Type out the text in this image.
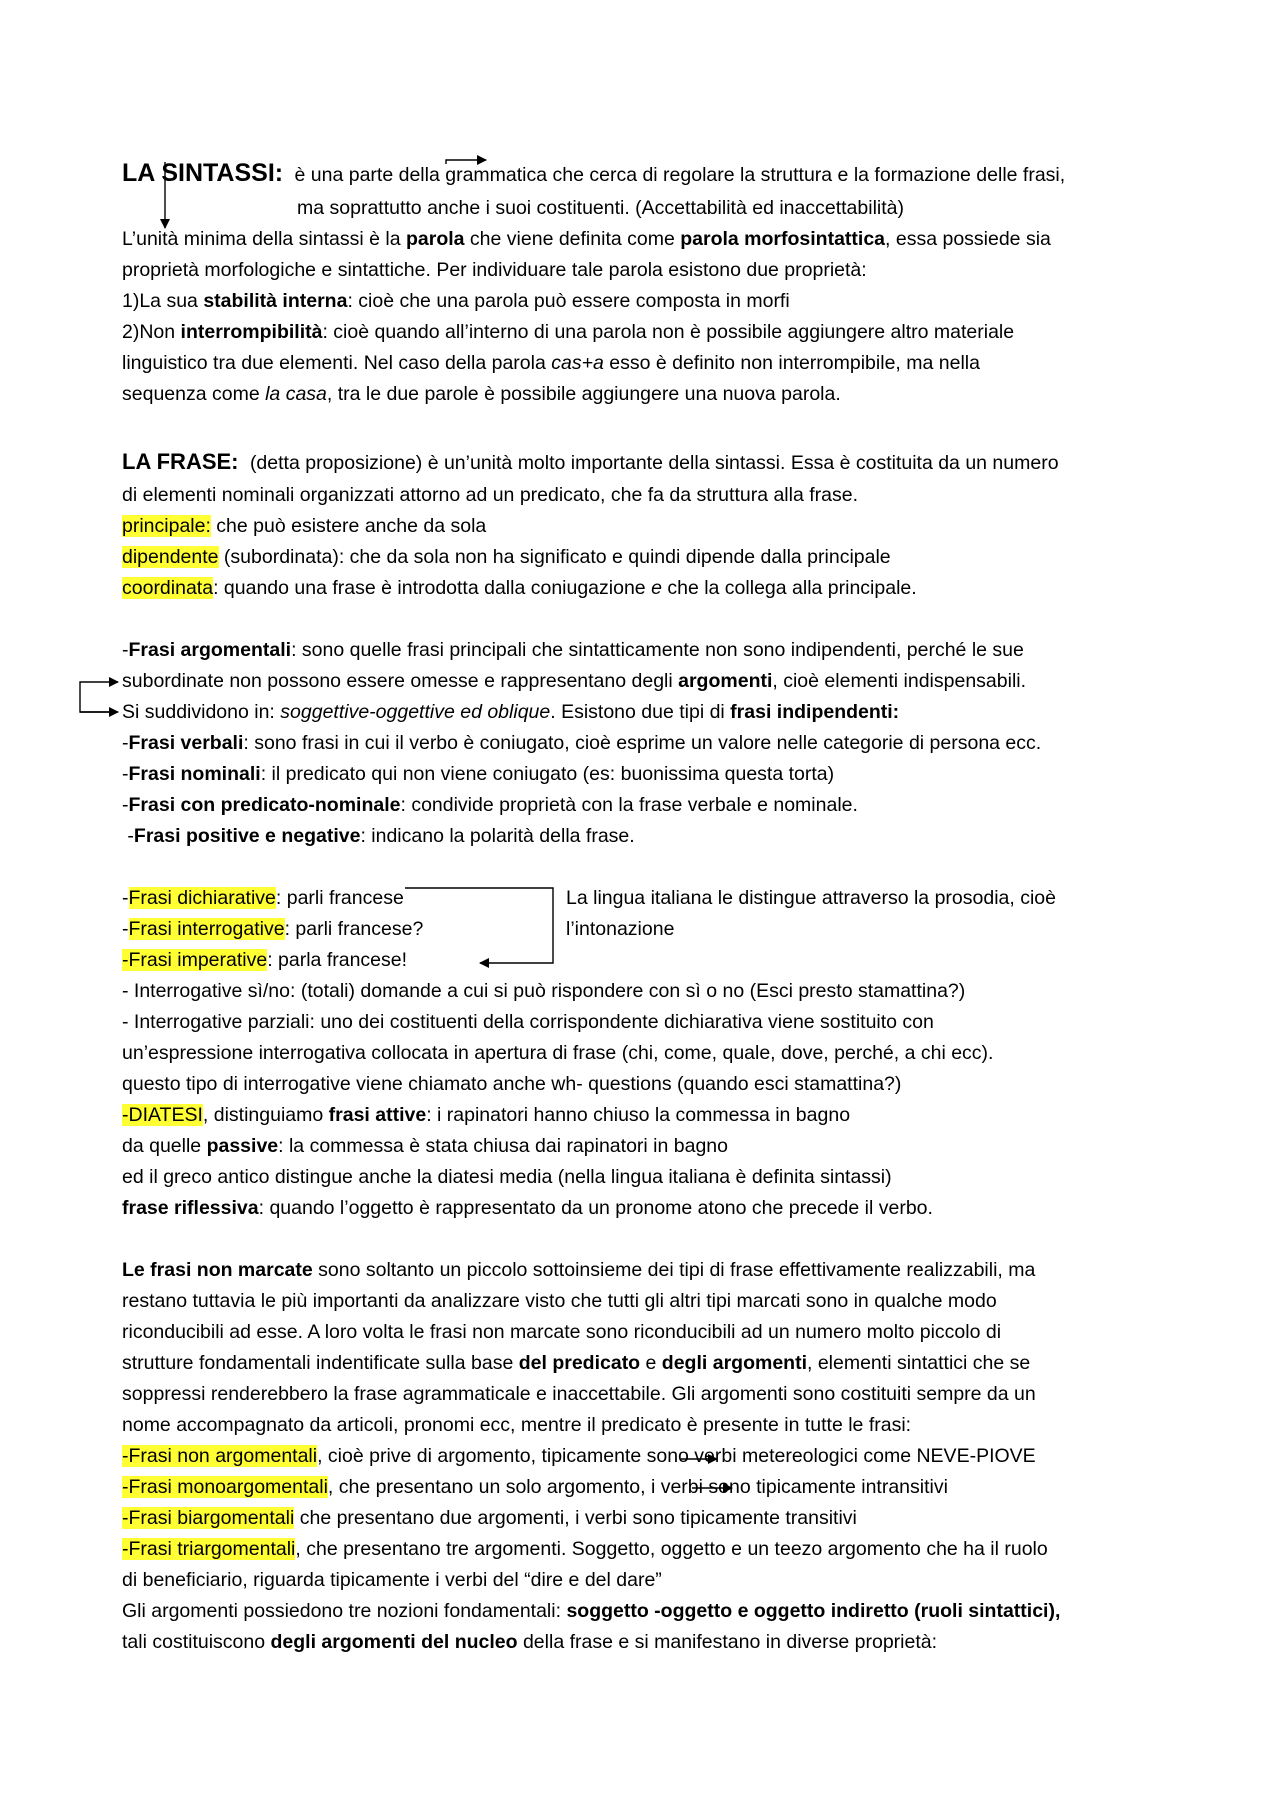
LA SINTASSI: è una parte della grammatica che cerca di regolare la struttura e la formazione delle frasi,
ma soprattutto anche i suoi costituenti. (Accettabilità ed inaccettabilità)
L’unità minima della sintassi è la parola che viene definita come parola morfosintattica, essa possiede sia
proprietà morfologiche e sintattiche. Per individuare tale parola esistono due proprietà:
1)La sua stabilità interna: cioè che una parola può essere composta in morfi
2)Non interrompibilità: cioè quando all’interno di una parola non è possibile aggiungere altro materiale
linguistico tra due elementi. Nel caso della parola cas+a esso è definito non interrompibile, ma nella
sequenza come la casa, tra le due parole è possibile aggiungere una nuova parola.
LA FRASE: (detta proposizione) è un’unità molto importante della sintassi. Essa è costituita da un numero
di elementi nominali organizzati attorno ad un predicato, che fa da struttura alla frase.
principale: che può esistere anche da sola
dipendente (subordinata): che da sola non ha significato e quindi dipende dalla principale
coordinata: quando una frase è introdotta dalla coniugazione e che la collega alla principale.
-Frasi argomentali: sono quelle frasi principali che sintatticamente non sono indipendenti, perché le sue
subordinate non possono essere omesse e rappresentano degli argomenti, cioè elementi indispensabili.
Si suddividono in: soggettive-oggettive ed oblique. Esistono due tipi di frasi indipendenti:
-Frasi verbali: sono frasi in cui il verbo è coniugato, cioè esprime un valore nelle categorie di persona ecc.
-Frasi nominali: il predicato qui non viene coniugato (es: buonissima questa torta)
-Frasi con predicato-nominale: condivide proprietà con la frase verbale e nominale.
-Frasi positive e negative: indicano la polarità della frase.
-Frasi dichiarative: parli francese
-Frasi interrogative: parli francese?
-Frasi imperative: parla francese!
La lingua italiana le distingue attraverso la prosodia, cioè
l’intonazione
- Interrogative sì/no: (totali) domande a cui si può rispondere con sì o no (Esci presto stamattina?)
- Interrogative parziali: uno dei costituenti della corrispondente dichiarativa viene sostituito con
un’espressione interrogativa collocata in apertura di frase (chi, come, quale, dove, perché, a chi ecc).
questo tipo di interrogative viene chiamato anche wh- questions (quando esci stamattina?)
-DIATESI, distinguiamo frasi attive: i rapinatori hanno chiuso la commessa in bagno
da quelle passive: la commessa è stata chiusa dai rapinatori in bagno
ed il greco antico distingue anche la diatesi media (nella lingua italiana è definita sintassi)
frase riflessiva: quando l’oggetto è rappresentato da un pronome atono che precede il verbo.
Le frasi non marcate sono soltanto un piccolo sottoinsieme dei tipi di frase effettivamente realizzabili, ma
restano tuttavia le più importanti da analizzare visto che tutti gli altri tipi marcati sono in qualche modo
riconducibili ad esse. A loro volta le frasi non marcate sono riconducibili ad un numero molto piccolo di
strutture fondamentali indentificate sulla base del predicato e degli argomenti, elementi sintattici che se
soppressi renderebbero la frase agrammaticale e inaccettabile. Gli argomenti sono costituiti sempre da un
nome accompagnato da articoli, pronomi ecc, mentre il predicato è presente in tutte le frasi:
-Frasi non argomentali, cioè prive di argomento, tipicamente sono verbi metereologici come NEVE-PIOVE
-Frasi monoargomentali, che presentano un solo argomento, i verbi sono tipicamente intransitivi
-Frasi biargomentali che presentano due argomenti, i verbi sono tipicamente transitivi
-Frasi triargomentali, che presentano tre argomenti. Soggetto, oggetto e un teezo argomento che ha il ruolo
di beneficiario, riguarda tipicamente i verbi del “dire e del dare”
Gli argomenti possiedono tre nozioni fondamentali: soggetto -oggetto e oggetto indiretto (ruoli sintattici),
tali costituiscono degli argomenti del nucleo della frase e si manifestano in diverse proprietà:
